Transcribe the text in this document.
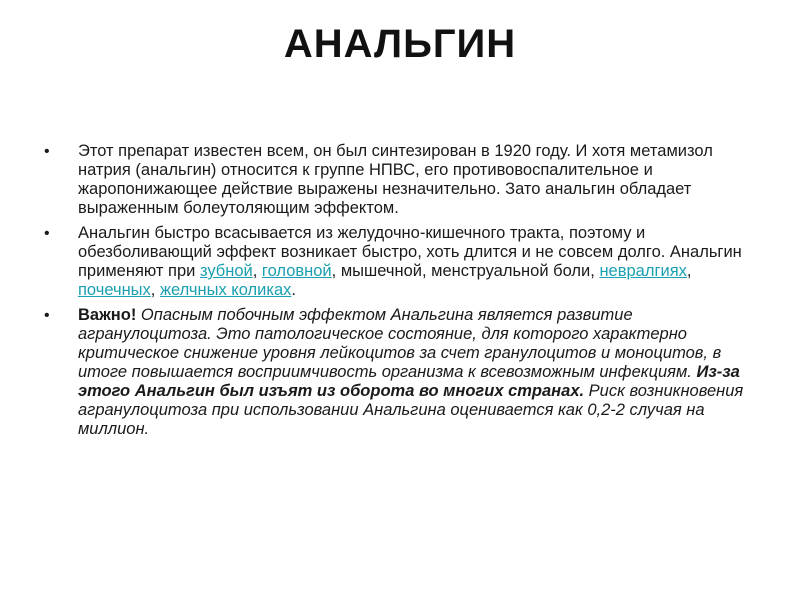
АНАЛЬГИН
• Этот препарат известен всем, он был синтезирован в 1920 году. И хотя метамизол натрия (анальгин) относится к группе НПВС, его противовоспалительное и жаропонижающее действие выражены незначительно. Зато анальгин обладает выраженным болеутоляющим эффектом.
• Анальгин быстро всасывается из желудочно-кишечного тракта, поэтому и обезболивающий эффект возникает быстро, хоть длится и не совсем долго. Анальгин применяют при зубной, головной, мышечной, менструальной боли, невралгиях, почечных, желчных коликах.
• Важно! Опасным побочным эффектом Анальгина является развитие агранулоцитоза. Это патологическое состояние, для которого характерно критическое снижение уровня лейкоцитов за счет гранулоцитов и моноцитов, в итоге повышается восприимчивость организма к всевозможным инфекциям. Из-за этого Анальгин был изъят из оборота во многих странах. Риск возникновения агранулоцитоза при использовании Анальгина оценивается как 0,2-2 случая на миллион.
